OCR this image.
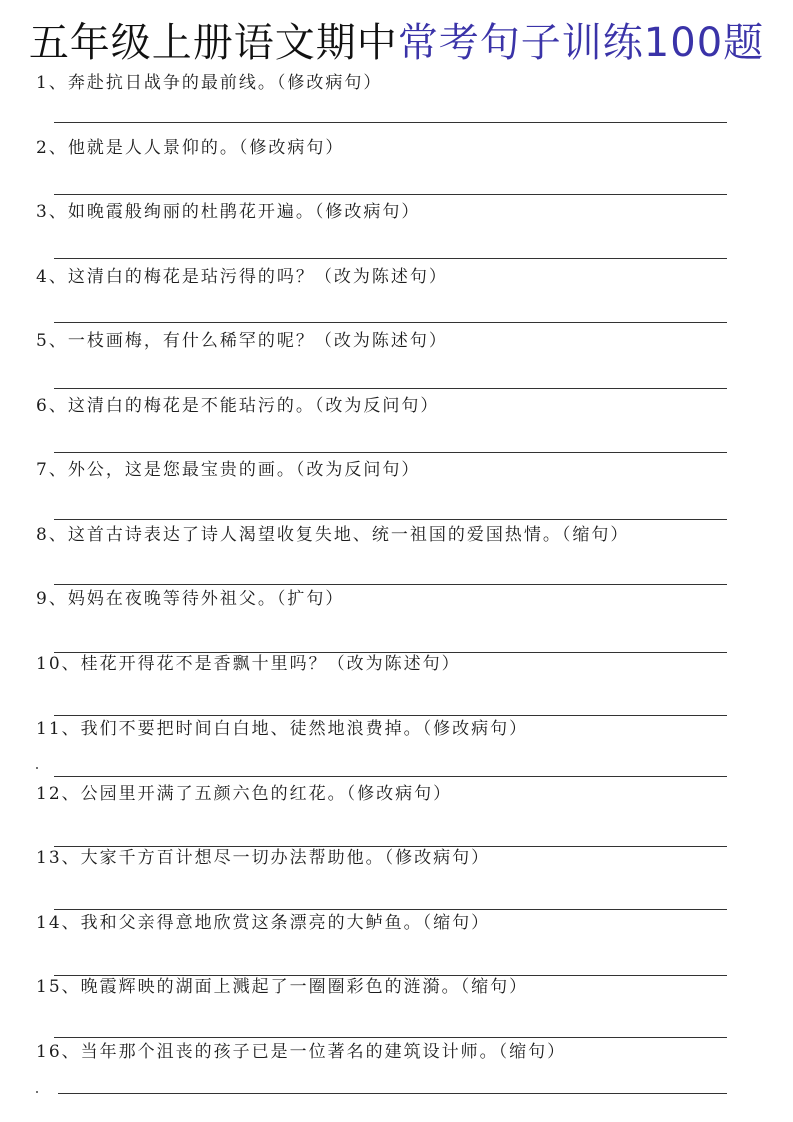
五年级上册语文期中常考句子训练100题
1、奔赴抗日战争的最前线。（修改病句）
2、他就是人人景仰的。（修改病句）
3、如晚霞般绚丽的杜鹃花开遍。（修改病句）
4、这清白的梅花是玷污得的吗？（改为陈述句）
5、一枝画梅，有什么稀罕的呢？（改为陈述句）
6、这清白的梅花是不能玷污的。（改为反问句）
7、外公，这是您最宝贵的画。（改为反问句）
8、这首古诗表达了诗人渴望收复失地、统一祖国的爱国热情。（缩句）
9、妈妈在夜晚等待外祖父。（扩句）
10、桂花开得花不是香飘十里吗？（改为陈述句）
11、我们不要把时间白白地、徒然地浪费掉。（修改病句）
12、公园里开满了五颜六色的红花。（修改病句）
13、大家千方百计想尽一切办法帮助他。（修改病句）
14、我和父亲得意地欣赏这条漂亮的大鲈鱼。（缩句）
15、晚霞辉映的湖面上溅起了一圈圈彩色的涟漪。（缩句）
16、当年那个沮丧的孩子已是一位著名的建筑设计师。（缩句）
